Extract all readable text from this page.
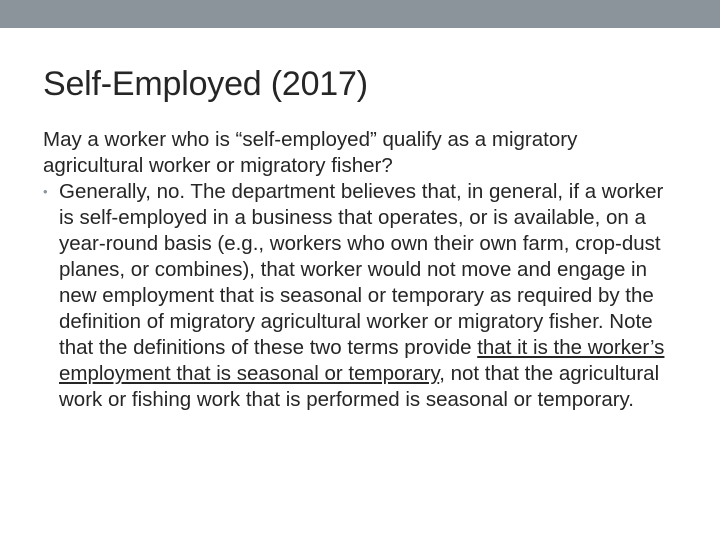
Self-Employed (2017)

May a worker who is “self-employed” qualify as a migratory agricultural worker or migratory fisher?

• Generally, no. The department believes that, in general, if a worker is self-employed in a business that operates, or is available, on a year-round basis (e.g., workers who own their own farm, crop-dust planes, or combines), that worker would not move and engage in new employment that is seasonal or temporary as required by the definition of migratory agricultural worker or migratory fisher. Note that the definitions of these two terms provide that it is the worker’s employment that is seasonal or temporary, not that the agricultural work or fishing work that is performed is seasonal or temporary.
